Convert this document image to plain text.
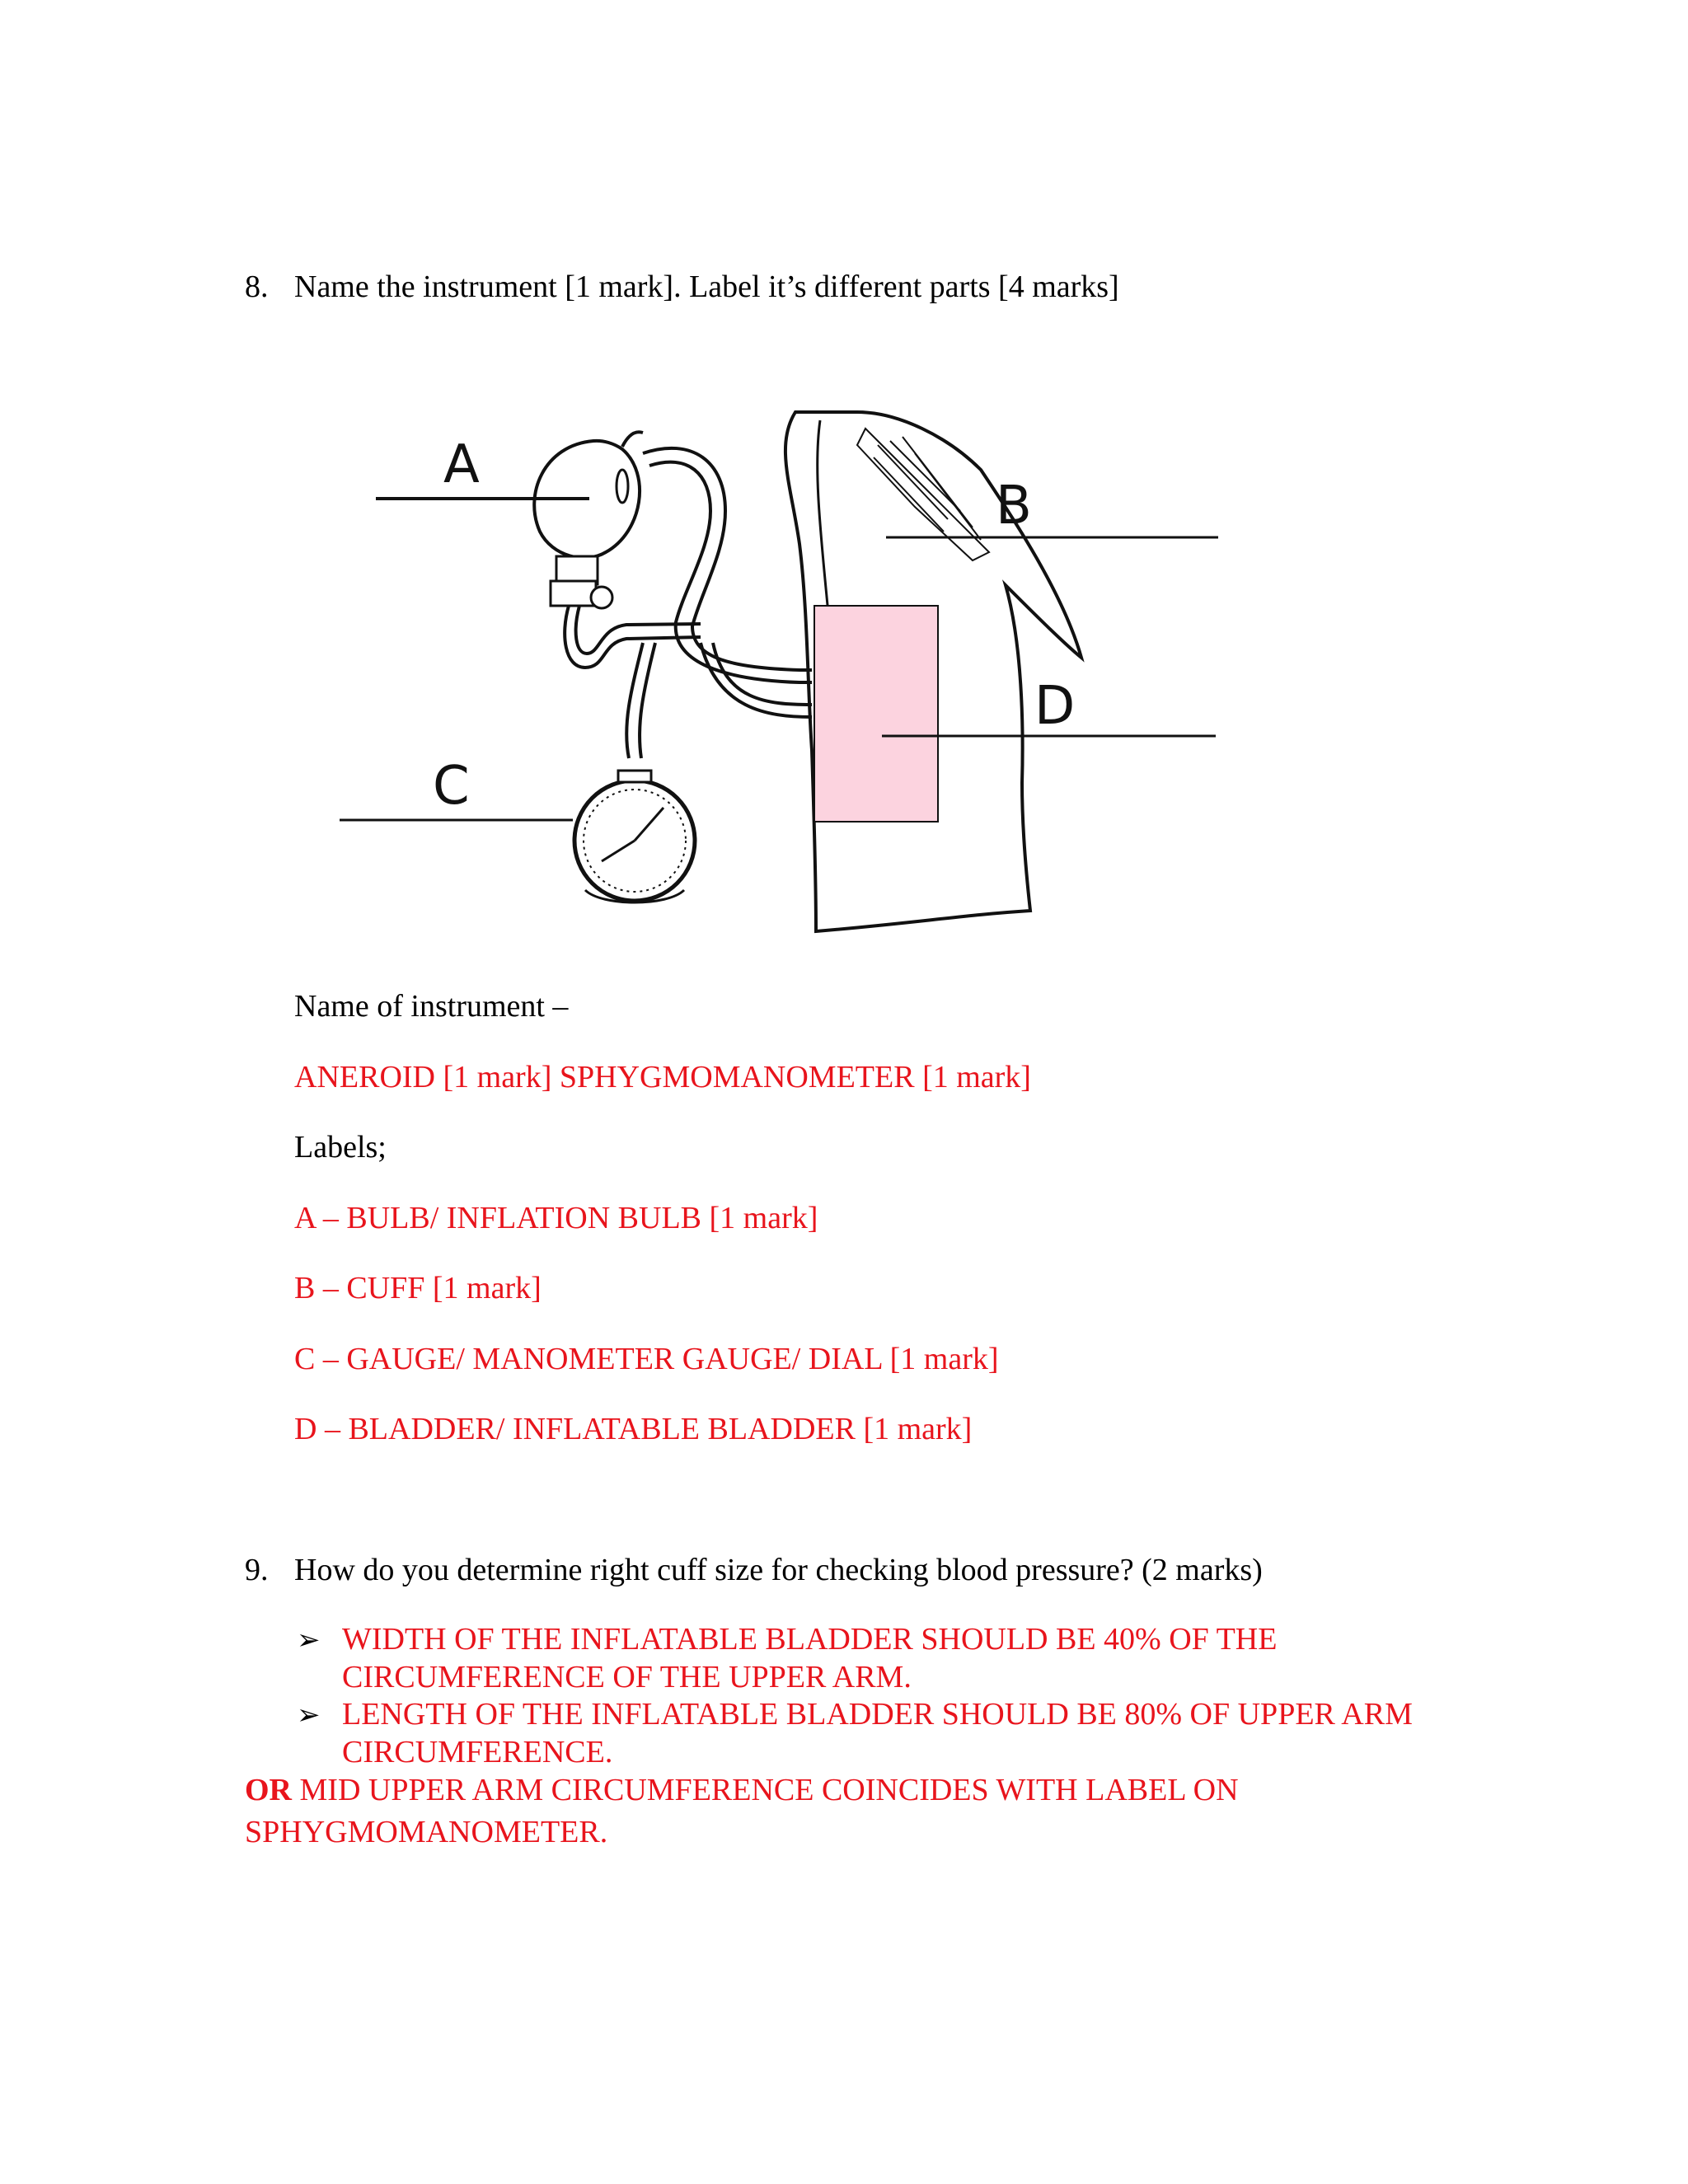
8. Name the instrument [1 mark]. Label it’s different parts [4 marks]
A
B
C
D
Name of instrument –
ANEROID [1 mark] SPHYGMOMANOMETER [1 mark]
Labels;
A – BULB/ INFLATION BULB [1 mark]
B – CUFF [1 mark]
C – GAUGE/ MANOMETER GAUGE/ DIAL [1 mark]
D – BLADDER/ INFLATABLE BLADDER [1 mark]
9. How do you determine right cuff size for checking blood pressure? (2 marks)
➢ WIDTH OF THE INFLATABLE BLADDER SHOULD BE 40% OF THE
CIRCUMFERENCE OF THE UPPER ARM.
➢ LENGTH OF THE INFLATABLE BLADDER SHOULD BE 80% OF UPPER ARM
CIRCUMFERENCE.
OR MID UPPER ARM CIRCUMFERENCE COINCIDES WITH LABEL ON
SPHYGMOMANOMETER.
